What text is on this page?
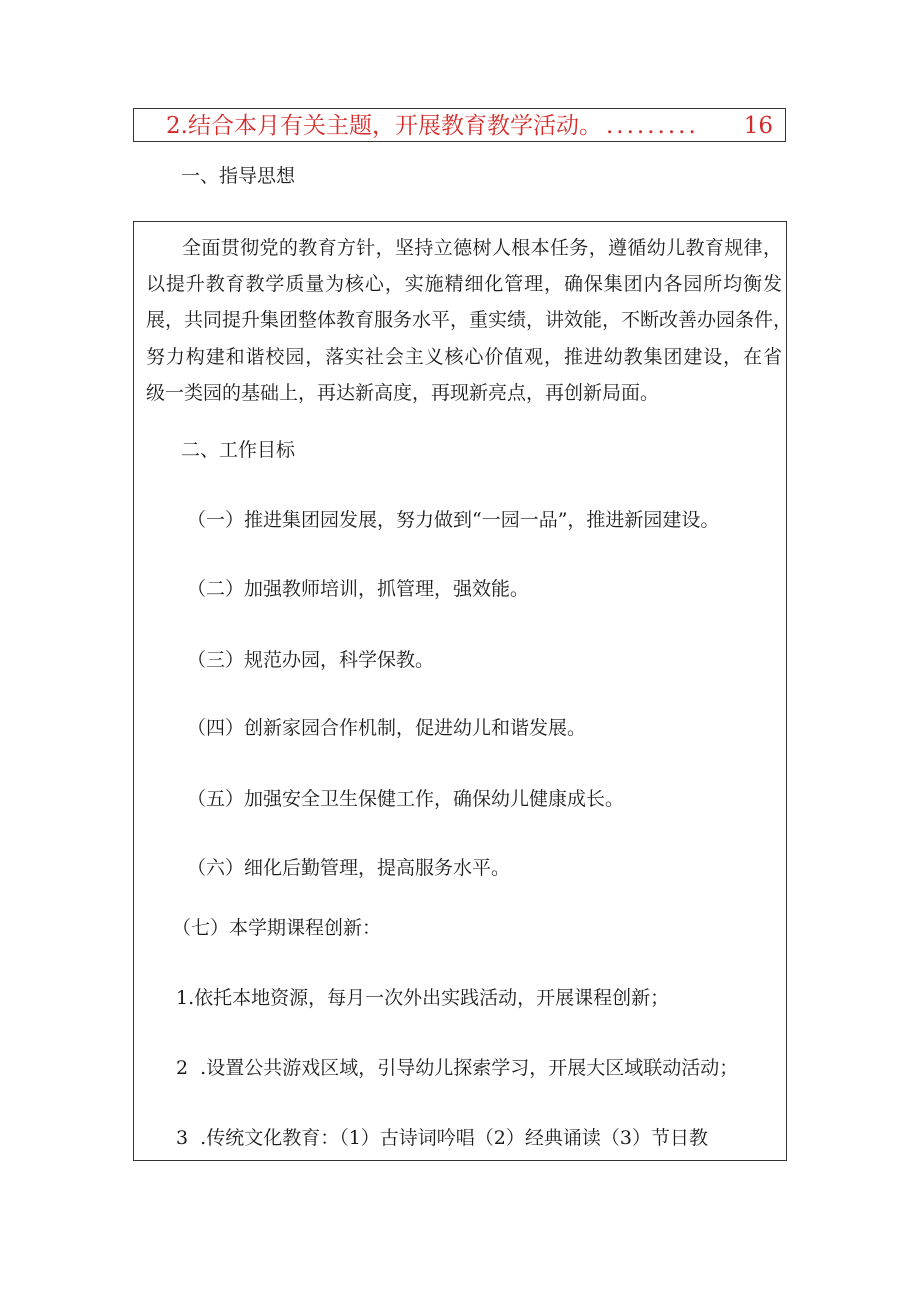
2.结合本月有关主题，开展教育教学活动。 ......... 16
一、指导思想
全面贯彻党的教育方针，坚持立德树人根本任务，遵循幼儿教育规律，
以提升教育教学质量为核心，实施精细化管理，确保集团内各园所均衡发
展，共同提升集团整体教育服务水平，重实绩，讲效能，不断改善办园条件，
努力构建和谐校园，落实社会主义核心价值观，推进幼教集团建设，在省
级一类园的基础上，再达新高度，再现新亮点，再创新局面。
二、工作目标
（一）推进集团园发展，努力做到“一园一品”，推进新园建设。
（二）加强教师培训，抓管理，强效能。
（三）规范办园，科学保教。
（四）创新家园合作机制，促进幼儿和谐发展。
（五）加强安全卫生保健工作，确保幼儿健康成长。
（六）细化后勤管理，提高服务水平。
（七）本学期课程创新：
1.依托本地资源，每月一次外出实践活动，开展课程创新；
2  .设置公共游戏区域，引导幼儿探索学习，开展大区域联动活动；
3  .传统文化教育：（1）古诗词吟唱（2）经典诵读（3）节日教
